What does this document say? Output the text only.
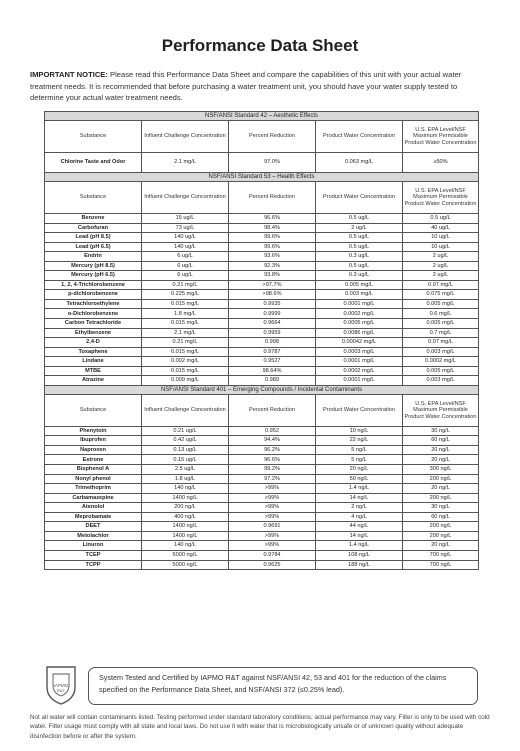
Performance Data Sheet
IMPORTANT NOTICE: Please read this Performance Data Sheet and compare the capabilities of this unit with your actual water treatment needs. It is recommended that before purchasing a water treatment unit, you should have your water supply tested to determine your actual water treatment needs.
NSF/ANSI Standard 42 – Aesthetic Effects				
Substance	Influent Challenge Concentration	Percent Reduction	Product Water Concentration	U.S. EPA Level/NSF Maximum Permissible Product Water Concentration
Chlorine Taste and Odor	2.1 mg/L	97.0%	0.063 mg/L	≥50%
NSF/ANSI Standard 53 – Health Effects				
Substance	Influent Challenge Concentration	Percent Reduction	Product Water Concentration	U.S. EPA Level/NSF Maximum Permissible Product Water Concentration
Benzene	15 ug/L	96.6%	0.5 ug/L	0.5 ug/L
Carbofuran	73 ug/L	98.4%	2 ug/L	40 ug/L
Lead (pH 8.5)	140 ug/L	99.6%	0.5 ug/L	10 ug/L
Lead (pH 6.5)	140 ug/L	99.6%	0.5 ug/L	10 ug/L
Endrin	6 ug/L	93.6%	0.3 ug/L	2 ug/L
Mercury (pH 8.5)	6 ug/L	92.3%	0.5 ug/L	2 ug/L
Mercury (pH 6.5)	6 ug/L	93.8%	0.3 ug/L	2 ug/L
1, 2, 4-Trichlorobenzene	0.21 mg/L	>97.7%	0.005 mg/L	0.07 mg/L
p-dichlorobenzene	0.225 mg/L	>98.6%	0.003 mg/L	0.075 mg/L
Tetrachloroethylene	0.015 mg/L	0.9935	0.0001 mg/L	0.005 mg/L
o-Dichlorobenzene	1.8 mg/L	0.9999	0.0002 mg/L	0.6 mg/L
Carbon Tetrachloride	0.015 mg/L	0.9664	0.0005 mg/L	0.005 mg/L
Ethylbenzene	2.1 mg/L	0.9959	0.0086 mg/L	0.7 mg/L
2,4-D	0.21 mg/L	0.998	0.00042 mg/L	0.07 mg/L
Toxaphene	0.015 mg/L	0.9787	0.0003 mg/L	0.003 mg/L
Lindane	0.002 mg/L	0.9527	0.0001 mg/L	0.0002 mg/L
MTBE	0.015 mg/L	98.64%	0.0002 mg/L	0.005 mg/L
Atrazine	0.009 mg/L	0.989	0.0001 mg/L	0.003 mg/L
NSF/ANSI Standard 401 – Emerging Compounds / Incidental Contaminants				
Substance	Influent Challenge Concentration	Percent Reduction	Product Water Concentration	U.S. EPA Level/NSF Maximum Permissible Product Water Concentration
Phenytoin	0.21 ug/L	0.952	10 ng/L	30 ng/L
Ibuprofen	0.42 ug/L	94.4%	22 ng/L	60 ng/L
Naproxen	0.13 ug/L	96.2%	5 ng/L	20 ng/L
Estrone	0.15 ug/L	96.6%	5 ng/L	20 ng/L
Bisphenol A	2.5 ug/L	99.2%	20 ng/L	300 ng/L
Nonyl phenol	1.8 ug/L	97.2%	50 ng/L	200 ng/L
Trimethoprim	140 ng/L	>99%	1.4 ng/L	20 ng/L
Carbamazepine	1400 ng/L	>99%	14 ng/L	200 ng/L
Atenolol	200 ng/L	>99%	2 ng/L	30 ng/L
Meprobamate	400 ng/L	>99%	4 ng/L	60 ng/L
DEET	1400 ng/L	0.9691	44 ng/L	200 ng/L
Metolachlor	1400 ng/L	>99%	14 ng/L	200 ng/L
Linuron	140 ng/L	>99%	1.4 ng/L	20 ng/L
TCEP	5000 ng/L	0.9784	108 ng/L	700 ng/L
TCPP	5000 ng/L	0.9625	188 ng/L	700 ng/L
IAPMO
R&T
System Tested and Certified by IAPMO R&T against NSF/ANSI 42, 53 and 401 for the reduction of the claims specified on the Performance Data Sheet, and NSF/ANSI 372 (≤0.25% lead).
Not all water will contain contaminants listed. Testing performed under standard laboratory conditions; actual performance may vary. Filter is only to be used with cold water. Filter usage must comply with all state and local laws. Do not use it with water that is microbiologically unsafe or of unknown quality without adequate disinfection before or after the system.
